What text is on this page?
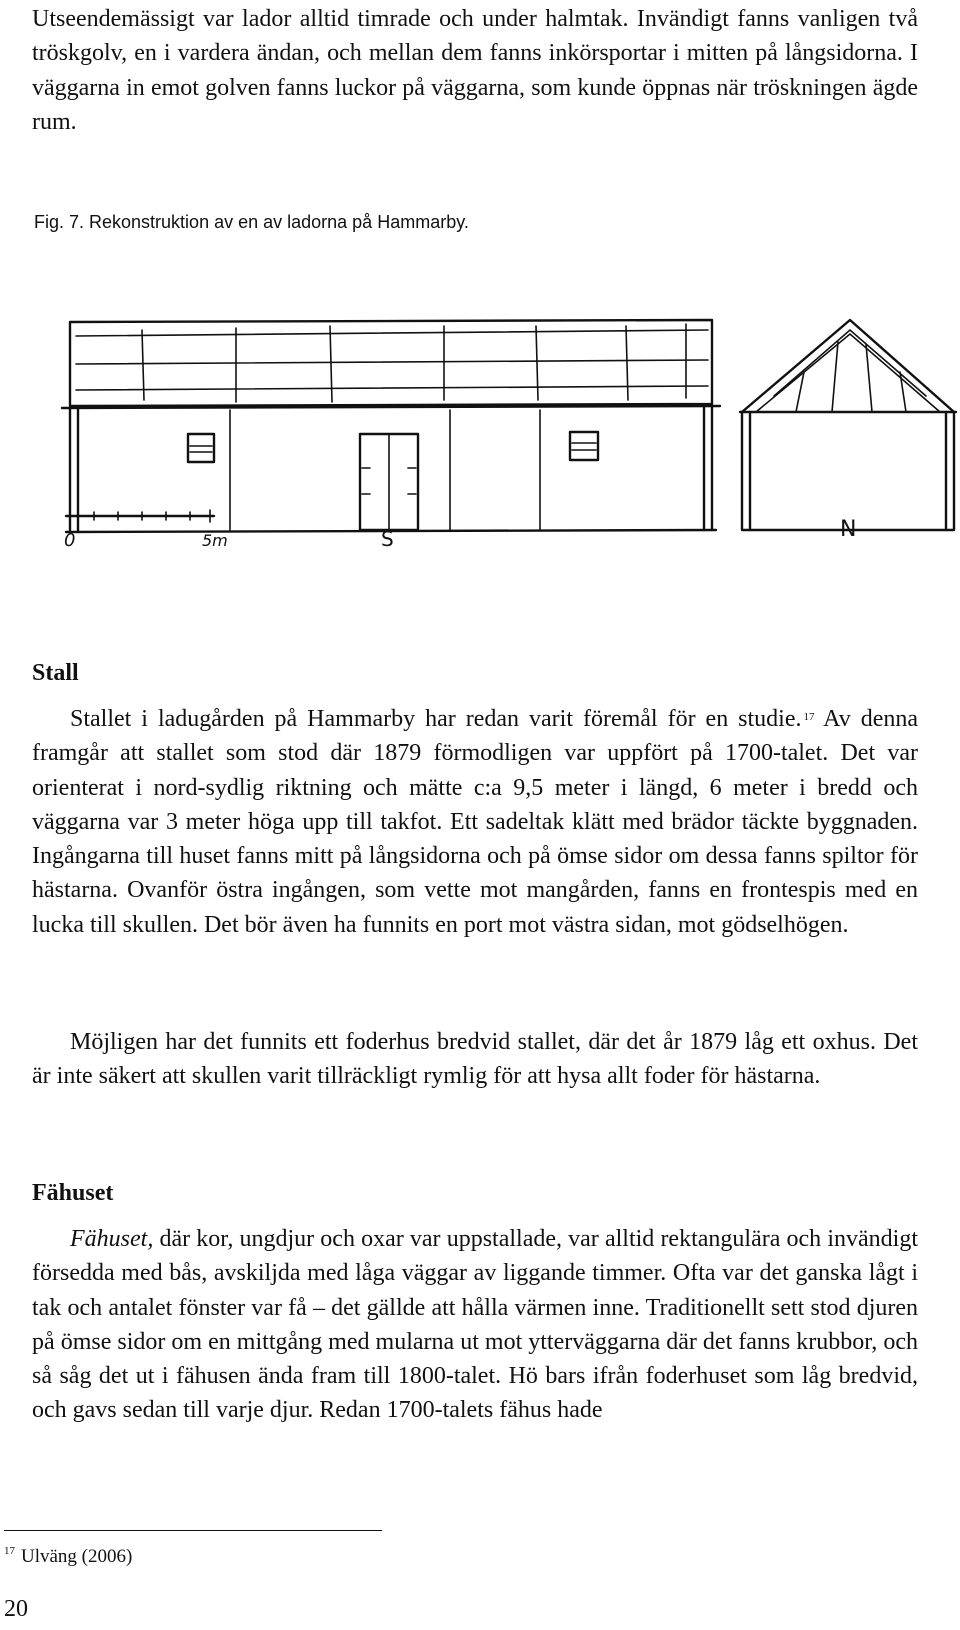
Utseendemässigt var lador alltid timrade och under halmtak. Invändigt fanns vanligen två tröskgolv, en i vardera ändan, och mellan dem fanns inkörsportar i mitten på långsidorna. I väggarna in emot golven fanns luckor på väggarna, som kunde öppnas när tröskningen ägde rum.

Fig. 7. Rekonstruktion av en av ladorna på Hammarby.

0	5m	S	N

Stall

Stallet i ladugården på Hammarby har redan varit föremål för en studie. $^{17}$ Av denna framgår att stallet som stod där 1879 förmodligen var uppfört på 1700-talet. Det var orienterat i nord-sydlig riktning och mätte c:a 9,5 meter i längd, 6 meter i bredd och väggarna var 3 meter höga upp till takfot. Ett sadeltak klätt med brädor täckte byggnaden. Ingångarna till huset fanns mitt på långsidorna och på ömse sidor om dessa fanns spiltor för hästarna. Ovanför östra ingången, som vette mot mangården, fanns en frontespis med en lucka till skullen. Det bör även ha funnits en port mot västra sidan, mot gödselhögen.

Möjligen har det funnits ett foderhus bredvid stallet, där det år 1879 låg ett oxhus. Det är inte säkert att skullen varit tillräckligt rymlig för att hysa allt foder för hästarna.

Fähuset

Fähuset, där kor, ungdjur och oxar var uppstallade, var alltid rektangulära och invändigt försedda med bås, avskiljda med låga väggar av liggande timmer. Ofta var det ganska lågt i tak och antalet fönster var få – det gällde att hålla värmen inne. Traditionellt sett stod djuren på ömse sidor om en mittgång med mularna ut mot ytterväggarna där det fanns krubbor, och så såg det ut i fähusen ända fram till 1800-talet. Hö bars ifrån foderhuset som låg bredvid, och gavs sedan till varje djur. Redan 1700-talets fähus hade

$^{17}$ Ulväng (2006)

20
